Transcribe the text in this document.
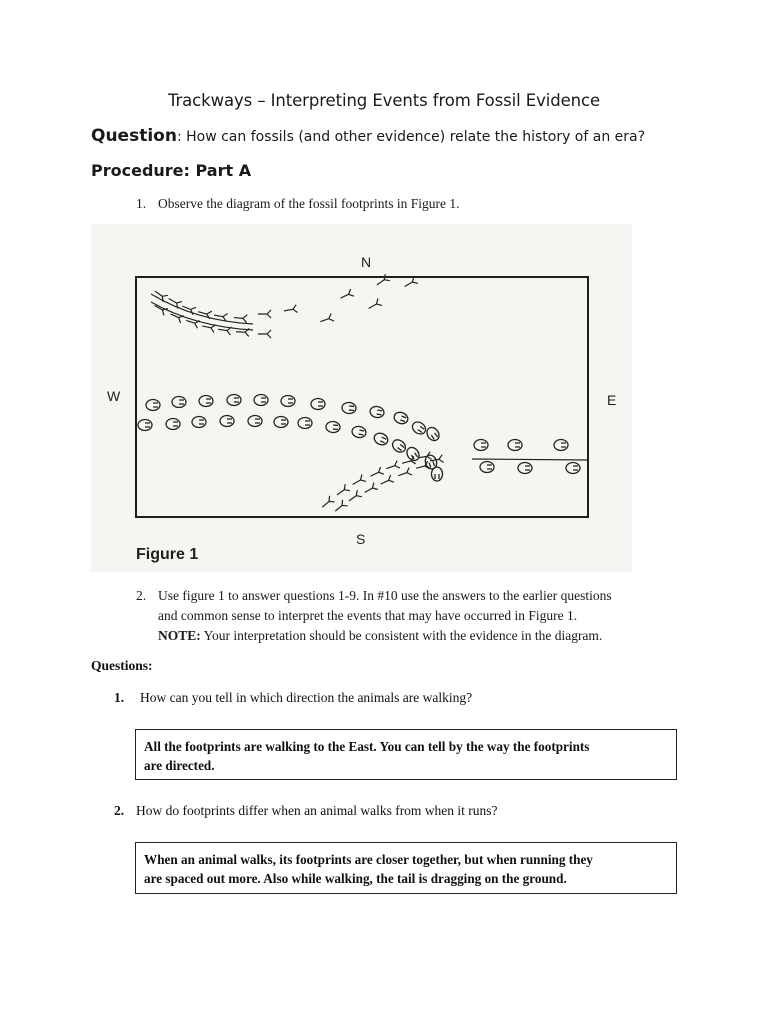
Trackways – Interpreting Events from Fossil Evidence
Question: How can fossils (and other evidence) relate the history of an era?
Procedure: Part A
1. Observe the diagram of the fossil footprints in Figure 1.
N
S
W	E
Figure 1
2. Use figure 1 to answer questions 1-9. In #10 use the answers to the earlier questions
and common sense to interpret the events that may have occurred in Figure 1.
NOTE: Your interpretation should be consistent with the evidence in the diagram.
Questions:
1. How can you tell in which direction the animals are walking?
All the footprints are walking to the East. You can tell by the way the footprints
are directed.
2. How do footprints differ when an animal walks from when it runs?
When an animal walks, its footprints are closer together, but when running they
are spaced out more. Also while walking, the tail is dragging on the ground.
